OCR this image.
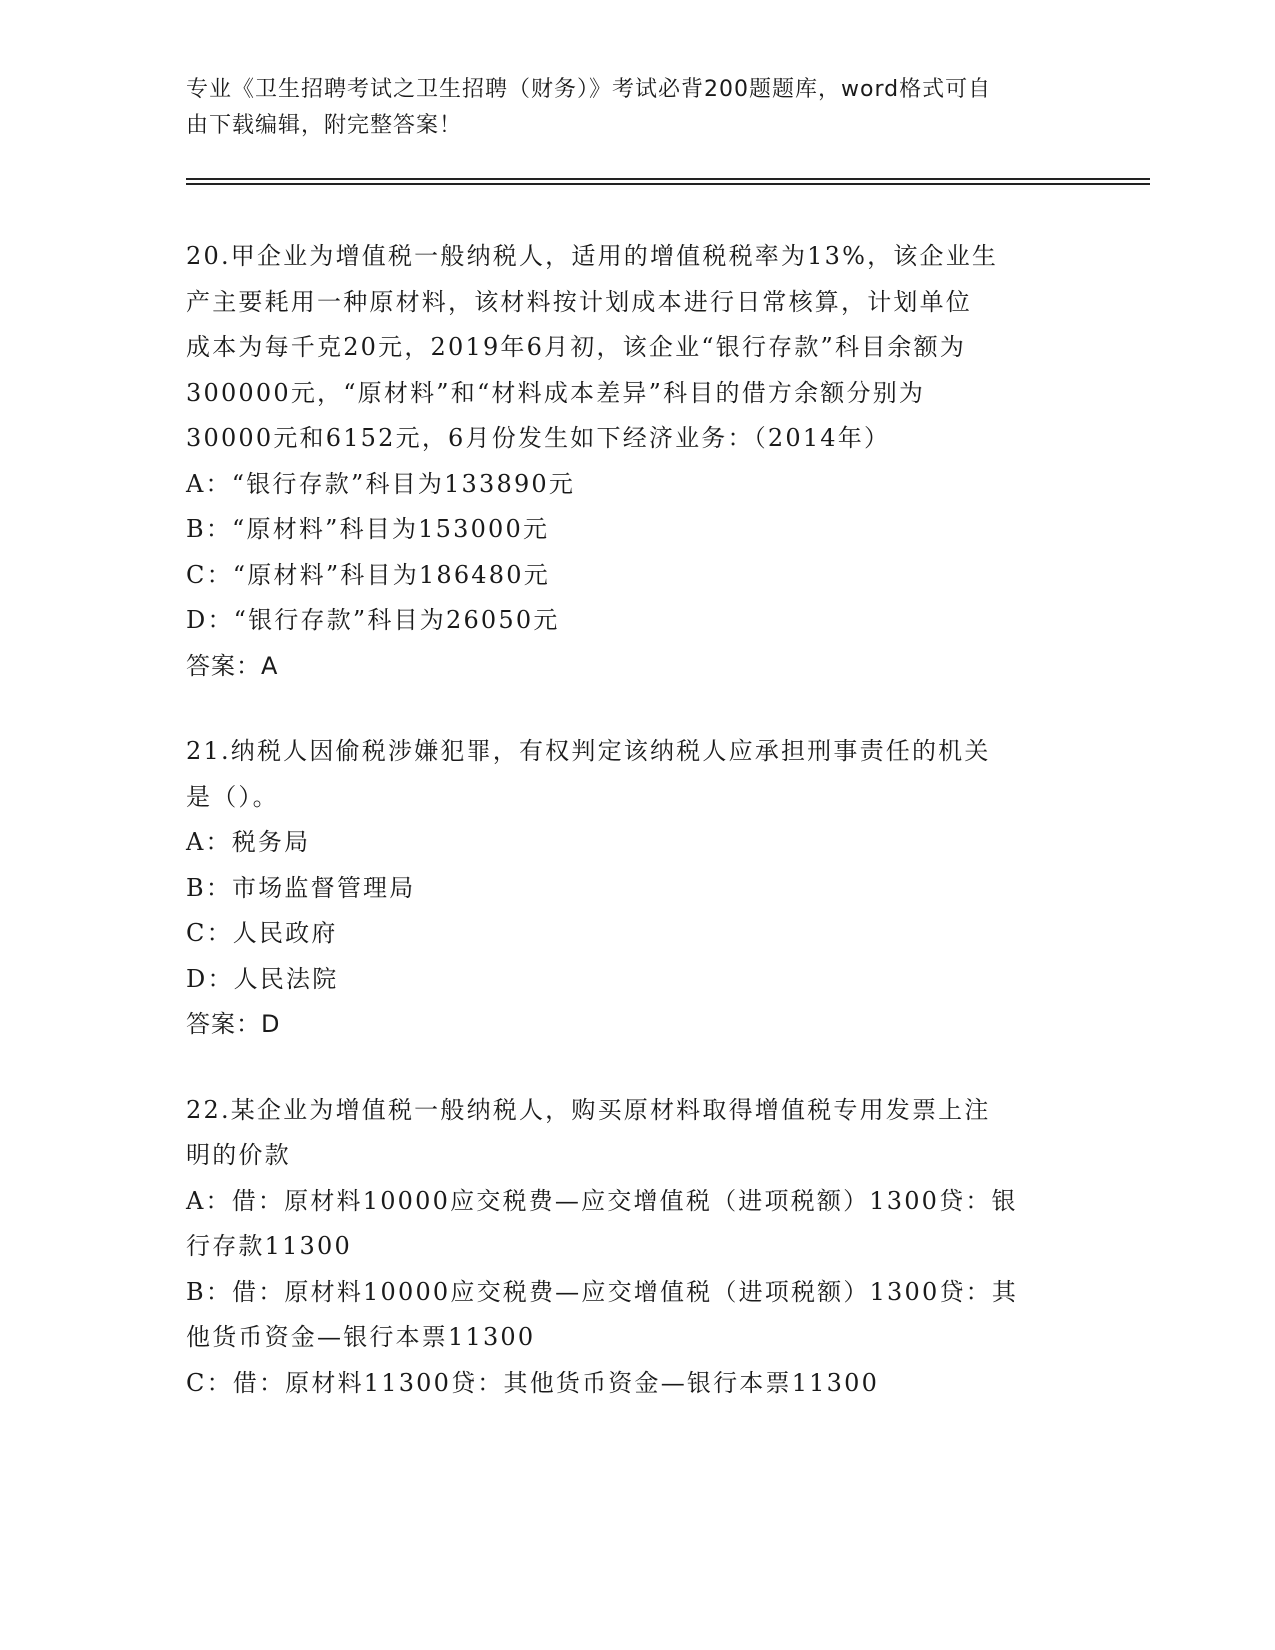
专业《卫生招聘考试之卫生招聘（财务）》考试必背200题题库，word格式可自
由下载编辑，附完整答案！
20.甲企业为增值税一般纳税人，适用的增值税税率为13%，该企业生
产主要耗用一种原材料，该材料按计划成本进行日常核算，计划单位
成本为每千克20元，2019年6月初，该企业“银行存款”科目余额为
300000元，“原材料”和“材料成本差异”科目的借方余额分别为
30000元和6152元，6月份发生如下经济业务：（2014年）
A：“银行存款”科目为133890元
B：“原材料”科目为153000元
C：“原材料”科目为186480元
D：“银行存款”科目为26050元
答案：A
21.纳税人因偷税涉嫌犯罪，有权判定该纳税人应承担刑事责任的机关
是（）。
A：税务局
B：市场监督管理局
C：人民政府
D：人民法院
答案：D
22.某企业为增值税一般纳税人，购买原材料取得增值税专用发票上注
明的价款
A：借：原材料10000应交税费—应交增值税（进项税额）1300贷：银
行存款11300
B：借：原材料10000应交税费—应交增值税（进项税额）1300贷：其
他货币资金—银行本票11300
C：借：原材料11300贷：其他货币资金—银行本票11300
